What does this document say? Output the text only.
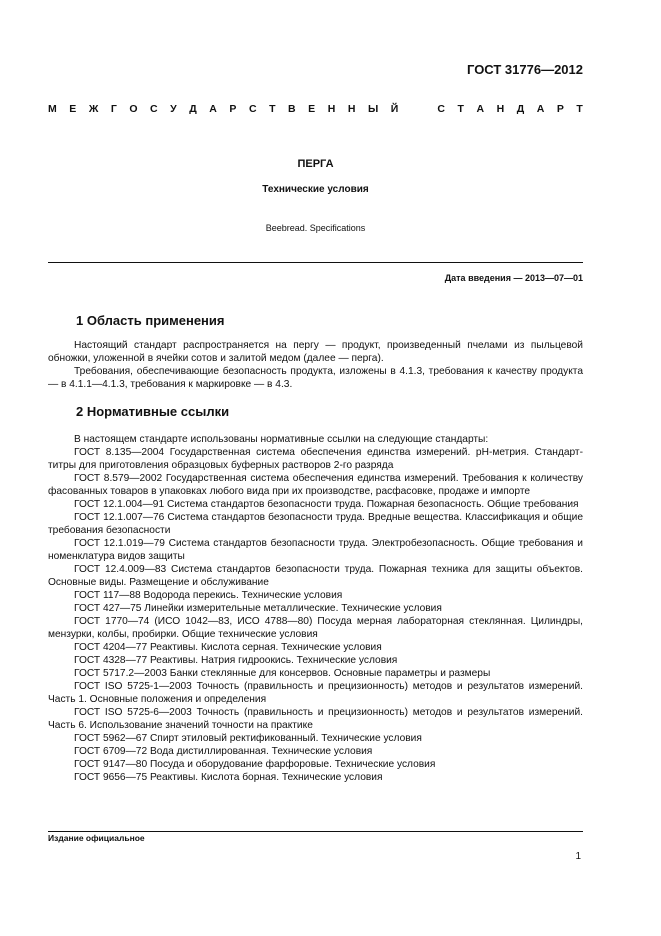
ГОСТ 31776—2012
М Е Ж Г О С У Д А Р С Т В Е Н Н Ы Й	С Т А Н Д А Р Т
ПЕРГА
Технические условия
Beebread. Specifications
Дата введения — 2013—07—01
1 Область применения

Настоящий стандарт распространяется на пергу — продукт, произведенный пчелами из пыльцевой обножки, уложенной в ячейки сотов и залитой медом (далее — перга).

Требования, обеспечивающие безопасность продукта, изложены в 4.1.3, требования к качеству продукта — в 4.1.1—4.1.3, требования к маркировке — в 4.3.

2 Нормативные ссылки

В настоящем стандарте использованы нормативные ссылки на следующие стандарты:

ГОСТ 8.135—2004 Государственная система обеспечения единства измерений. pH-метрия. Стандарт-титры для приготовления образцовых буферных растворов 2-го разряда

ГОСТ 8.579—2002 Государственная система обеспечения единства измерений. Требования к количеству фасованных товаров в упаковках любого вида при их производстве, расфасовке, продаже и импорте

ГОСТ 12.1.004—91 Система стандартов безопасности труда. Пожарная безопасность. Общие требования

ГОСТ 12.1.007—76 Система стандартов безопасности труда. Вредные вещества. Классификация и общие требования безопасности

ГОСТ 12.1.019—79 Система стандартов безопасности труда. Электробезопасность. Общие требования и номенклатура видов защиты

ГОСТ 12.4.009—83 Система стандартов безопасности труда. Пожарная техника для защиты объектов. Основные виды. Размещение и обслуживание

ГОСТ 117—88 Водорода перекись. Технические условия

ГОСТ 427—75 Линейки измерительные металлические. Технические условия

ГОСТ 1770—74 (ИСО 1042—83, ИСО 4788—80) Посуда мерная лабораторная стеклянная. Цилиндры, мензурки, колбы, пробирки. Общие технические условия

ГОСТ 4204—77 Реактивы. Кислота серная. Технические условия

ГОСТ 4328—77 Реактивы. Натрия гидроокись. Технические условия

ГОСТ 5717.2—2003 Банки стеклянные для консервов. Основные параметры и размеры

ГОСТ ISO 5725-1—2003 Точность (правильность и прецизионность) методов и результатов измерений. Часть 1. Основные положения и определения

ГОСТ ISO 5725-6—2003 Точность (правильность и прецизионность) методов и результатов измерений. Часть 6. Использование значений точности на практике

ГОСТ 5962—67 Спирт этиловый ректификованный. Технические условия

ГОСТ 6709—72 Вода дистиллированная. Технические условия

ГОСТ 9147—80 Посуда и оборудование фарфоровые. Технические условия

ГОСТ 9656—75 Реактивы. Кислота борная. Технические условия

Издание официальное
1
